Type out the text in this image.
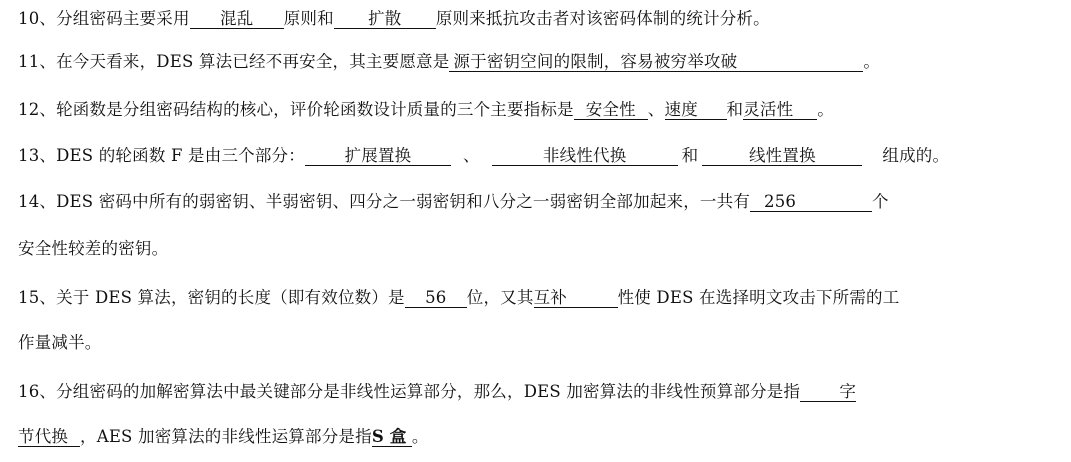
10、分组密码主要采用 混乱 原则和 扩散 原则来抵抗攻击者对该密码体制的统计分析。
11、在今天看来，DES 算法已经不再安全，其主要愿意是 源于密钥空间的限制，容易被穷举攻破	。
12、轮函数是分组密码结构的核心，评价轮函数设计质量的三个主要指标是 安全性 、速度 和灵活性 。
13、DES 的轮函数 F 是由三个部分： 扩展置换	、	非线性代换	和	线性置换	组成的。
14、DES 密码中所有的弱密钥、半弱密钥、四分之一弱密钥和八分之一弱密钥全部加起来，一共有 256	个
安全性较差的密钥。
15、关于 DES 算法，密钥的长度（即有效位数）是 56 位，又其互补	性使 DES 在选择明文攻击下所需的工
作量减半。
16、分组密码的加解密算法中最关键部分是非线性运算部分，那么，DES 加密算法的非线性预算部分是指 字
节代换 ，AES 加密算法的非线性运算部分是指S 盒 。
